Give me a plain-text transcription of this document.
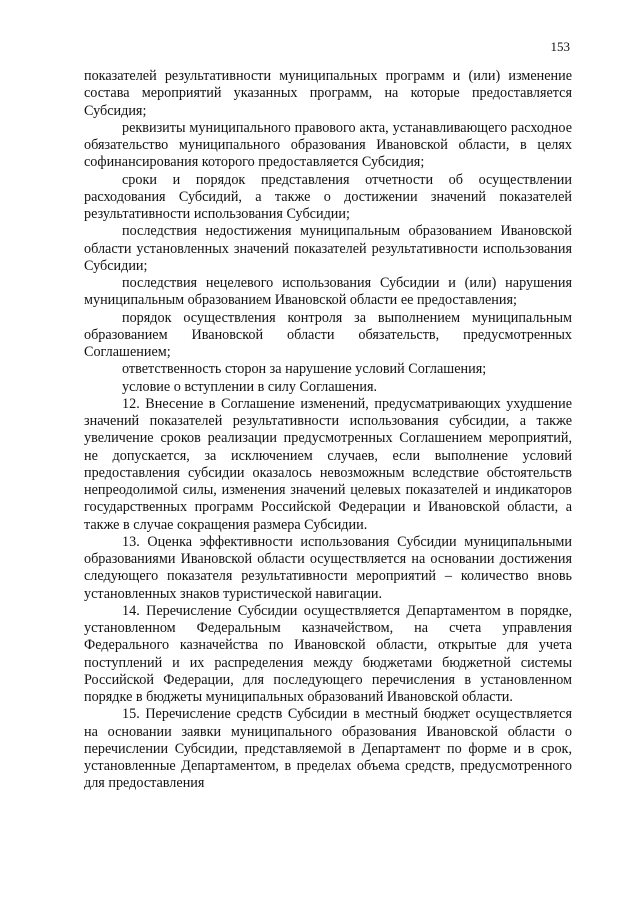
153

показателей результативности муниципальных программ и (или) изменение состава мероприятий указанных программ, на которые предоставляется Субсидия;

реквизиты муниципального правового акта, устанавливающего расходное обязательство муниципального образования Ивановской области, в целях софинансирования которого предоставляется Субсидия;

сроки и порядок представления отчетности об осуществлении расходования Субсидий, а также о достижении значений показателей результативности использования Субсидии;

последствия недостижения муниципальным образованием Ивановской области установленных значений показателей результативности использования Субсидии;

последствия нецелевого использования Субсидии и (или) нарушения муниципальным образованием Ивановской области ее предоставления;

порядок осуществления контроля за выполнением муниципальным образованием Ивановской области обязательств, предусмотренных Соглашением;

ответственность сторон за нарушение условий Соглашения;

условие о вступлении в силу Соглашения.

12. Внесение в Соглашение изменений, предусматривающих ухудшение значений показателей результативности использования субсидии, а также увеличение сроков реализации предусмотренных Соглашением мероприятий, не допускается, за исключением случаев, если выполнение условий предоставления субсидии оказалось невозможным вследствие обстоятельств непреодолимой силы, изменения значений целевых показателей и индикаторов государственных программ Российской Федерации и Ивановской области, а также в случае сокращения размера Субсидии.

13. Оценка эффективности использования Субсидии муниципальными образованиями Ивановской области осуществляется на основании достижения следующего показателя результативности мероприятий – количество вновь установленных знаков туристической навигации.

14. Перечисление Субсидии осуществляется Департаментом в порядке, установленном Федеральным казначейством, на счета управления Федерального казначейства по Ивановской области, открытые для учета поступлений и их распределения между бюджетами бюджетной системы Российской Федерации, для последующего перечисления в установленном порядке в бюджеты муниципальных образований Ивановской области.

15. Перечисление средств Субсидии в местный бюджет осуществляется на основании заявки муниципального образования Ивановской области о перечислении Субсидии, представляемой в Департамент по форме и в срок, установленные Департаментом, в пределах объема средств, предусмотренного для предоставления
